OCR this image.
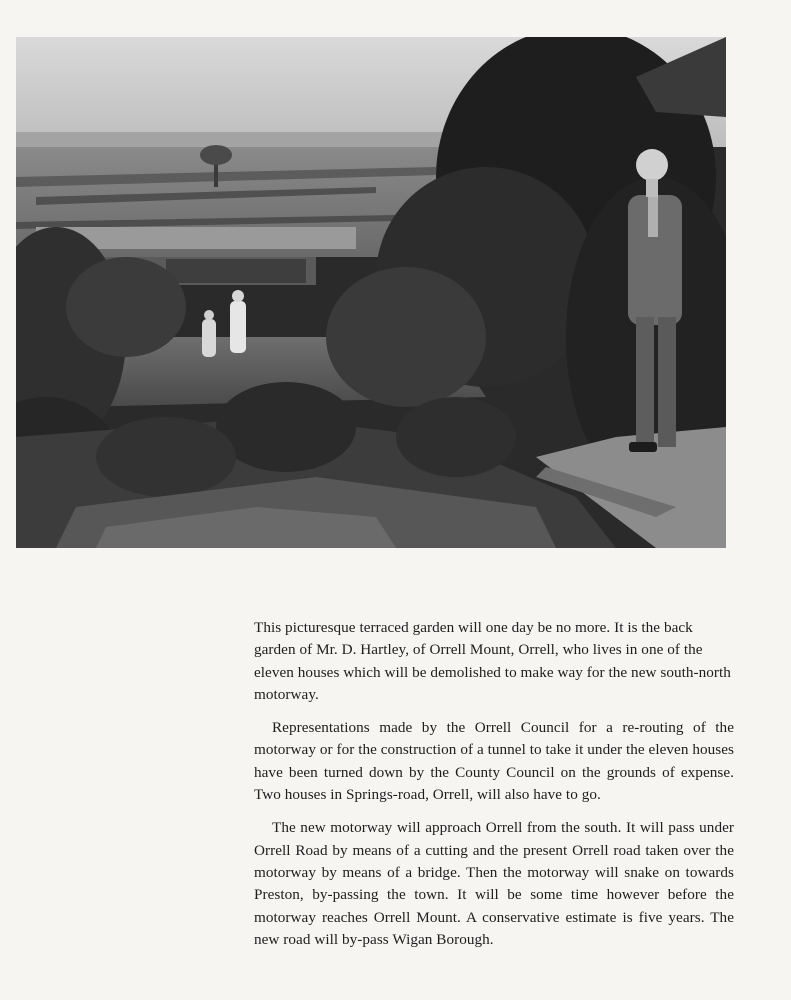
This picturesque terraced garden will one day be no more. It is the back garden of Mr. D. Hartley, of Orrell Mount, Orrell, who lives in one of the eleven houses which will be demolished to make way for the new south-north motorway.

Representations made by the Orrell Council for a re-routing of the motorway or for the construction of a tunnel to take it under the eleven houses have been turned down by the County Council on the grounds of expense. Two houses in Springs-road, Orrell, will also have to go.

The new motorway will approach Orrell from the south. It will pass under Orrell Road by means of a cutting and the present Orrell road taken over the motorway by means of a bridge. Then the motorway will snake on towards Preston, by-passing the town. It will be some time however before the motorway reaches Orrell Mount. A conservative estimate is five years. The new road will by-pass Wigan Borough.
